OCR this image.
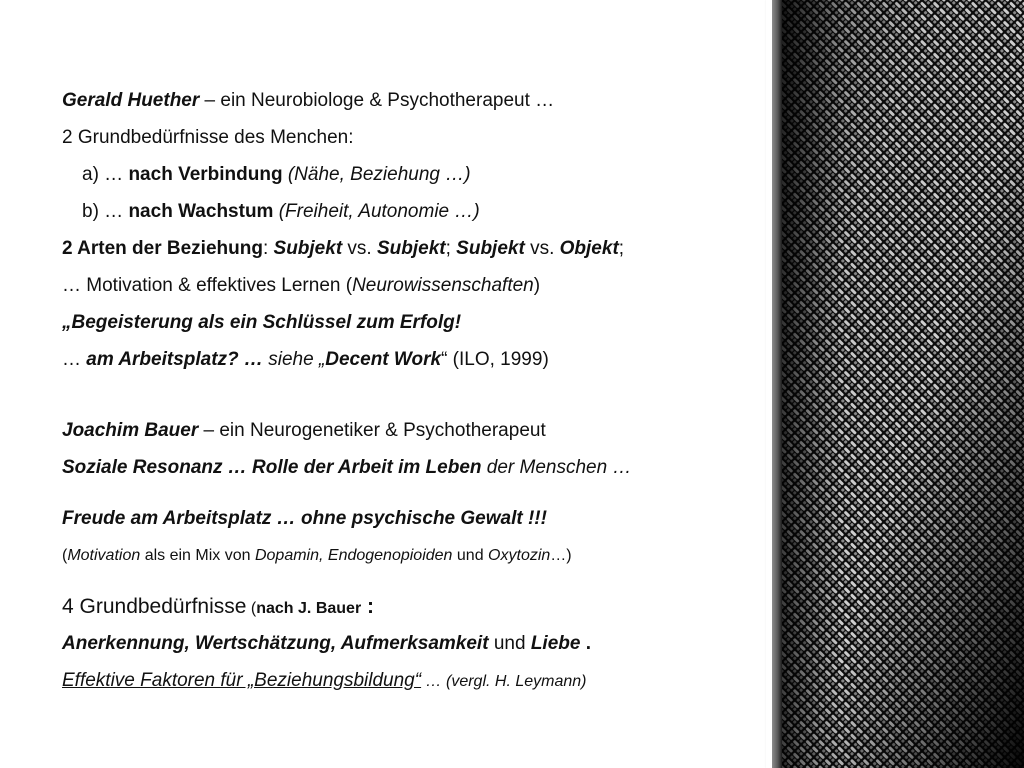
Gerald Huether – ein Neurobiologe & Psychotherapeut …
2 Grundbedürfnisse des Menchen:
a) … nach Verbindung (Nähe, Beziehung …)
b) … nach Wachstum (Freiheit, Autonomie …)
2 Arten der Beziehung: Subjekt vs. Subjekt; Subjekt vs. Objekt;
… Motivation & effektives Lernen (Neurowissenschaften)
„Begeisterung als ein Schlüssel zum Erfolg!
… am Arbeitsplatz? … siehe „Decent Work“ (ILO, 1999)
Joachim Bauer – ein Neurogenetiker & Psychotherapeut
Soziale Resonanz … Rolle der Arbeit im Leben der Menschen …
Freude am Arbeitsplatz … ohne psychische Gewalt !!!
(Motivation als ein Mix von Dopamin, Endogenopioiden und Oxytozin…)
4 Grundbedürfnisse (nach J. Bauer :
Anerkennung, Wertschätzung, Aufmerksamkeit und Liebe .
Effektive Faktoren für „Beziehungsbildung“ … (vergl. H. Leymann)
